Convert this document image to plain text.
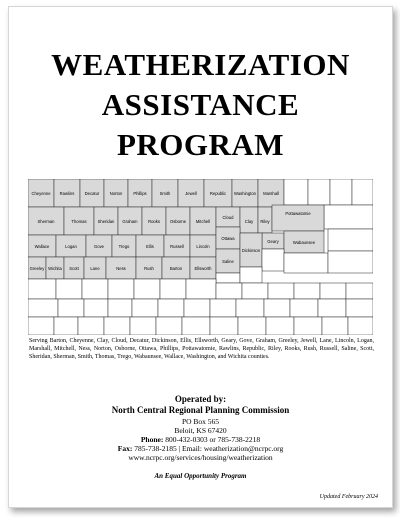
WEATHERIZATION
ASSISTANCE
PROGRAM
Cheyenne Rawlins Decatur Norton	Phillips	Smith	Jewell	Republic Washington Marshall
Sherman	Thomas	Sheridan Graham Rooks Osborne Mitchell
Cloud
Clay Riley
Pottawatomie
Wallace	Logan	Gove	Trego	Ellis	Russell	Lincoln
Ottawa
Geary	Wabaunsee
Greeley Wichita Scott	Lane	Ness	Rush	Barton	Ellsworth
Saline
Dickinson
Serving Barton, Cheyenne, Clay, Cloud, Decatur, Dickinson, Ellis, Ellsworth, Geary, Gove, Graham, Greeley, Jewell, Lane, Lincoln, Logan, Marshall, Mitchell, Ness, Norton, Osborne, Ottawa, Phillips, Pottawatomie, Rawlins, Republic, Riley, Rooks, Rush, Russell, Saline, Scott, Sheridan, Sherman, Smith, Thomas, Trego, Wabaunsee, Wallace, Washington, and Wichita counties.
Operated by:
North Central Regional Planning Commission
PO Box 565
Beloit, KS 67420
Phone: 800-432-0303 or 785-738-2218
Fax: 785-738-2185 | Email: weatherization@ncrpc.org
www.ncrpc.org/services/housing/weatherization
An Equal Opportunity Program
Updated February 2024
